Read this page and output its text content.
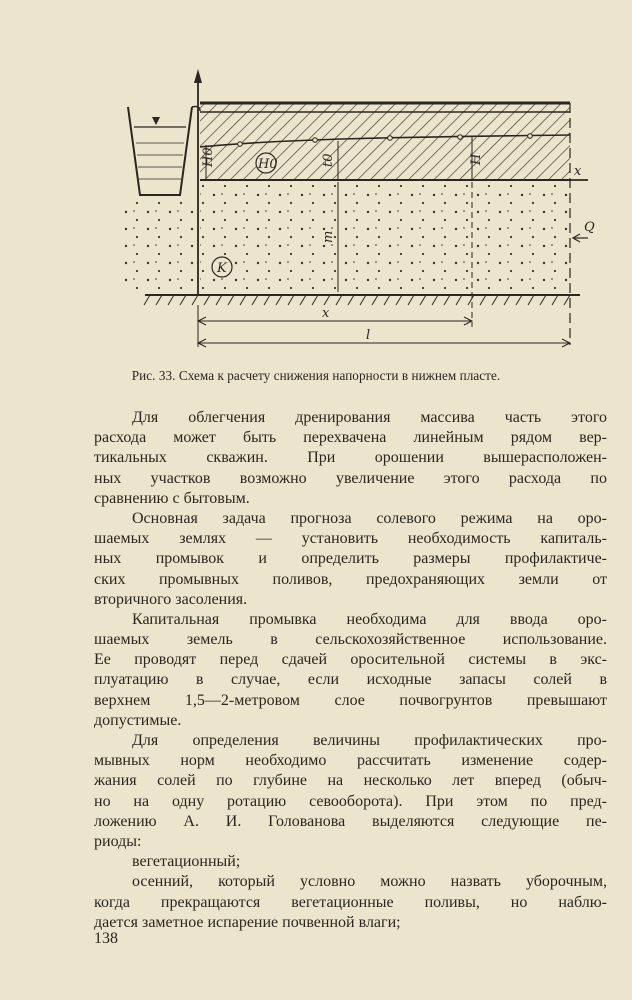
x
H0	H0	t0	H
m
K
Q
x
l
Рис. 33. Схема к расчету снижения напорности в нижнем пласте.

Для облегчения дренирования массива часть этого
расхода может быть перехвачена линейным рядом вер-
тикальных скважин. При орошении вышерасположен-
ных участков возможно увеличение этого расхода по
сравнению с бытовым.

Основная задача прогноза солевого режима на оро-
шаемых землях — установить необходимость капиталь-
ных промывок и определить размеры профилактиче-
ских промывных поливов, предохраняющих земли от
вторичного засоления.

Капитальная промывка необходима для ввода оро-
шаемых земель в сельскохозяйственное использование.
Ее проводят перед сдачей оросительной системы в экс-
плуатацию в случае, если исходные запасы солей в
верхнем 1,5—2-метровом слое почвогрунтов превышают
допустимые.

Для определения величины профилактических про-
мывных норм необходимо рассчитать изменение содер-
жания солей по глубине на несколько лет вперед (обыч-
но на одну ротацию севооборота). При этом по пред-
ложению А. И. Голованова выделяются следующие пе-
риоды:

вегетационный;

осенний, который условно можно назвать уборочным,
когда прекращаются вегетационные поливы, но наблю-
дается заметное испарение почвенной влаги;

138
